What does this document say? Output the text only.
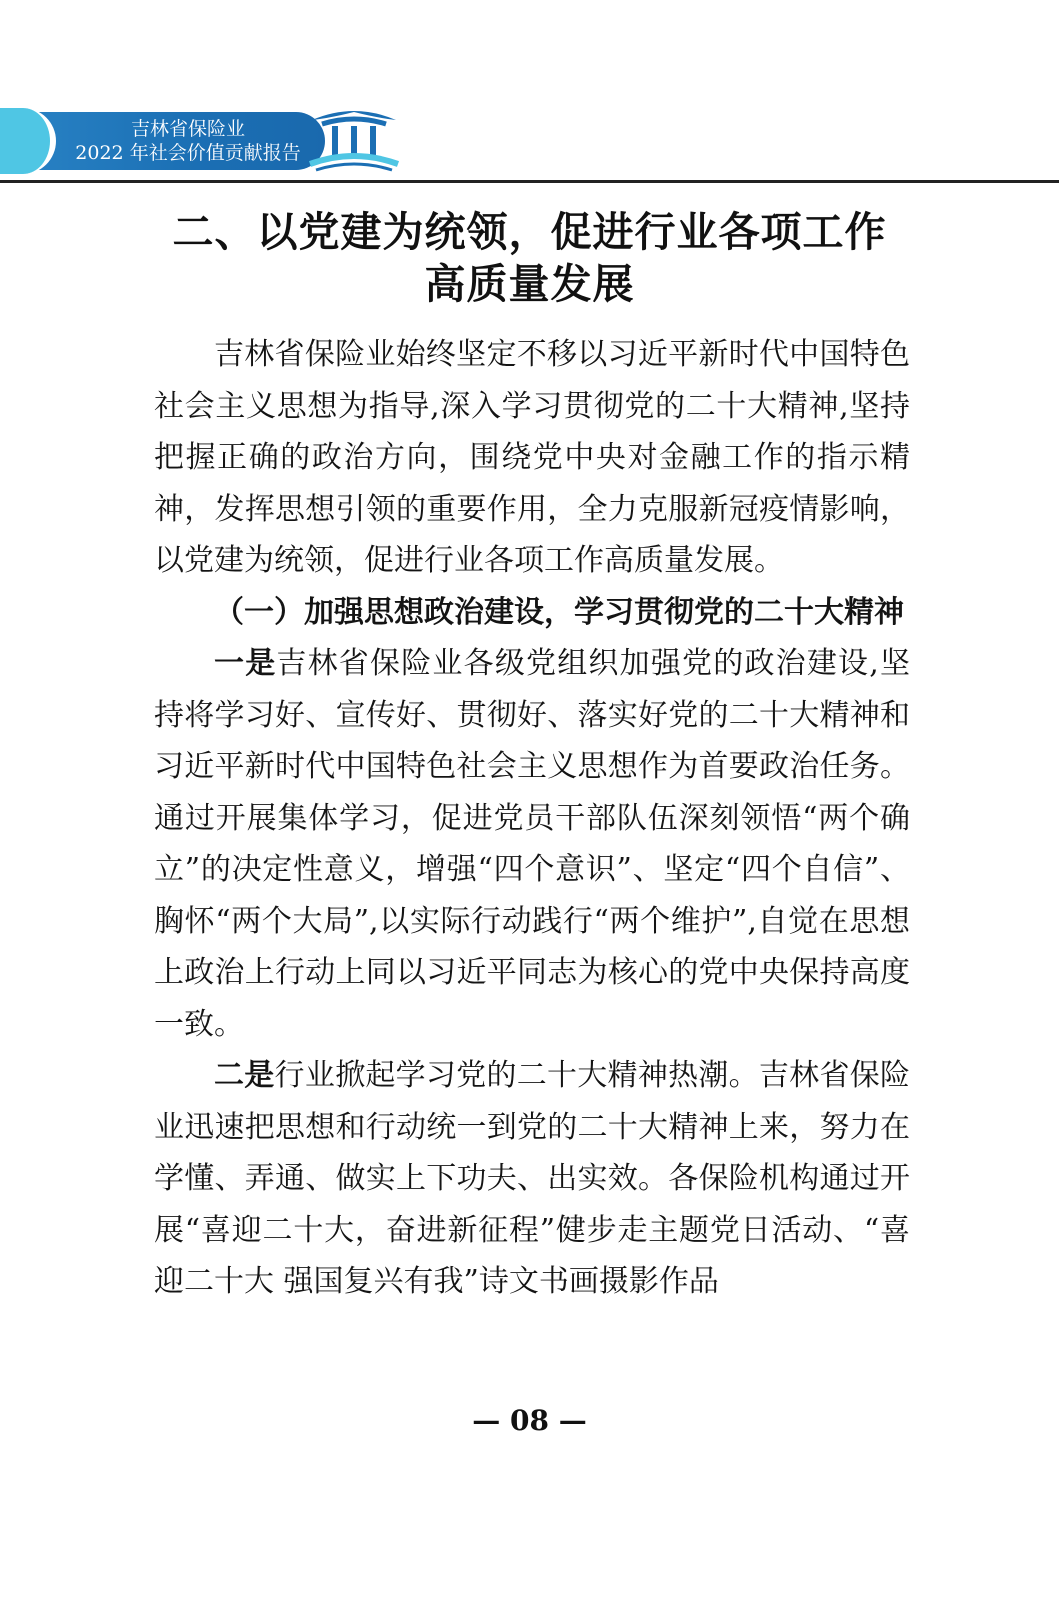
吉林省保险业
2022 年社会价值贡献报告
二、以党建为统领，促进行业各项工作
高质量发展

吉林省保险业始终坚定不移以习近平新时代中国特色社会主义思想为指导,深入学习贯彻党的二十大精神,坚持把握正确的政治方向，围绕党中央对金融工作的指示精神，发挥思想引领的重要作用，全力克服新冠疫情影响，以党建为统领，促进行业各项工作高质量发展。

（一）加强思想政治建设，学习贯彻党的二十大精神

一是吉林省保险业各级党组织加强党的政治建设,坚持将学习好、宣传好、贯彻好、落实好党的二十大精神和习近平新时代中国特色社会主义思想作为首要政治任务。通过开展集体学习，促进党员干部队伍深刻领悟“两个确立”的决定性意义，增强“四个意识”、坚定“四个自信”、胸怀“两个大局”,以实际行动践行“两个维护”,自觉在思想上政治上行动上同以习近平同志为核心的党中央保持高度一致。

二是行业掀起学习党的二十大精神热潮。吉林省保险业迅速把思想和行动统一到党的二十大精神上来，努力在学懂、弄通、做实上下功夫、出实效。各保险机构通过开展“喜迎二十大，奋进新征程”健步走主题党日活动、“喜迎二十大 强国复兴有我”诗文书画摄影作品

— 08 —
